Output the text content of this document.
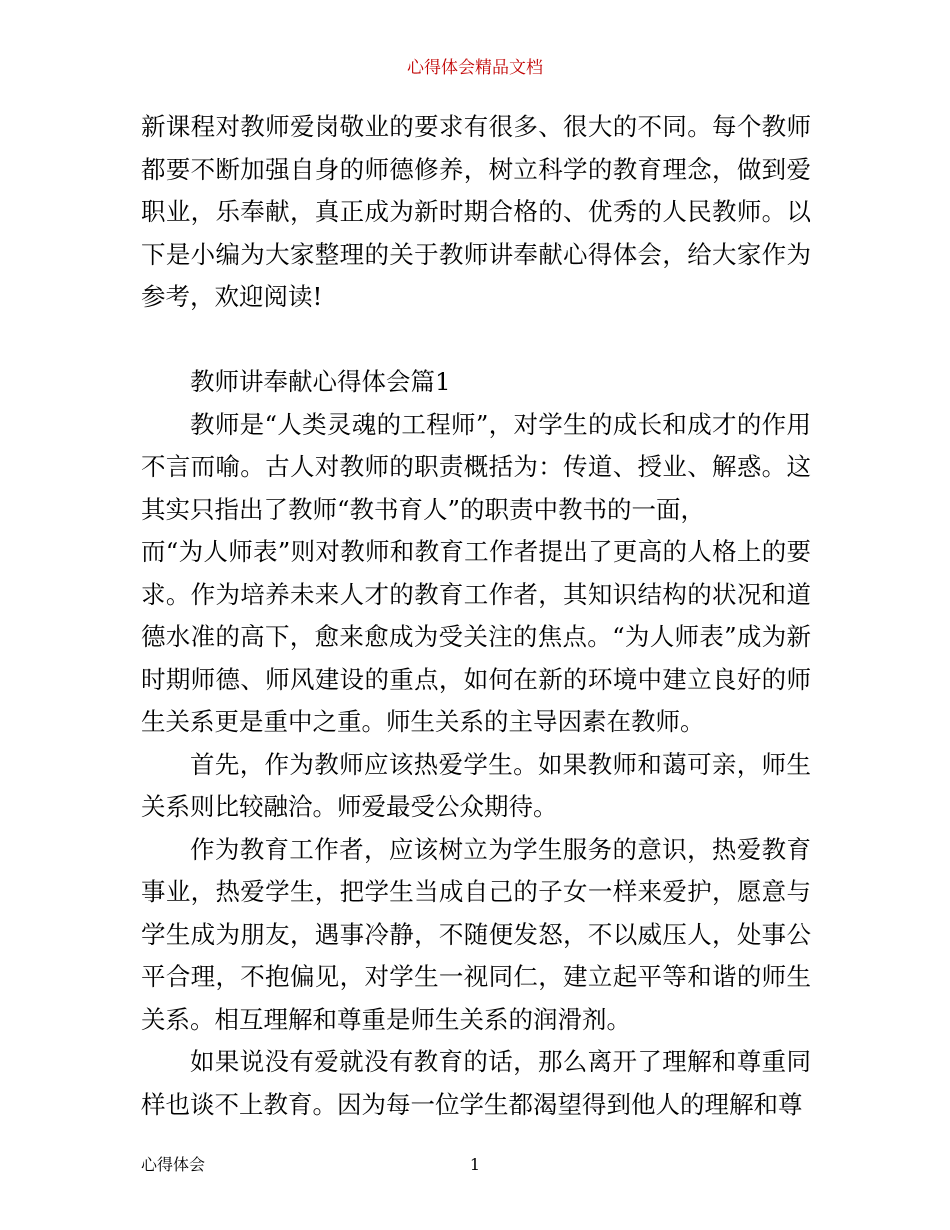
心得体会精品文档

新课程对教师爱岗敬业的要求有很多、很大的不同。每个教师都要不断加强自身的师德修养，树立科学的教育理念，做到爱职业，乐奉献，真正成为新时期合格的、优秀的人民教师。以下是小编为大家整理的关于教师讲奉献心得体会，给大家作为参考，欢迎阅读!

教师讲奉献心得体会篇1

教师是“人类灵魂的工程师”，对学生的成长和成才的作用不言而喻。古人对教师的职责概括为：传道、授业、解惑。这其实只指出了教师“教书育人”的职责中教书的一面，

而“为人师表”则对教师和教育工作者提出了更高的人格上的要求。作为培养未来人才的教育工作者，其知识结构的状况和道德水准的高下，愈来愈成为受关注的焦点。“为人师表”成为新时期师德、师风建设的重点，如何在新的环境中建立良好的师生关系更是重中之重。师生关系的主导因素在教师。

首先，作为教师应该热爱学生。如果教师和蔼可亲，师生关系则比较融洽。师爱最受公众期待。

作为教育工作者，应该树立为学生服务的意识，热爱教育事业，热爱学生，把学生当成自己的子女一样来爱护，愿意与学生成为朋友，遇事冷静，不随便发怒，不以威压人，处事公平合理，不抱偏见，对学生一视同仁，建立起平等和谐的师生关系。相互理解和尊重是师生关系的润滑剂。

如果说没有爱就没有教育的话，那么离开了理解和尊重同样也谈不上教育。因为每一位学生都渴望得到他人的理解和尊

心得体会	1
